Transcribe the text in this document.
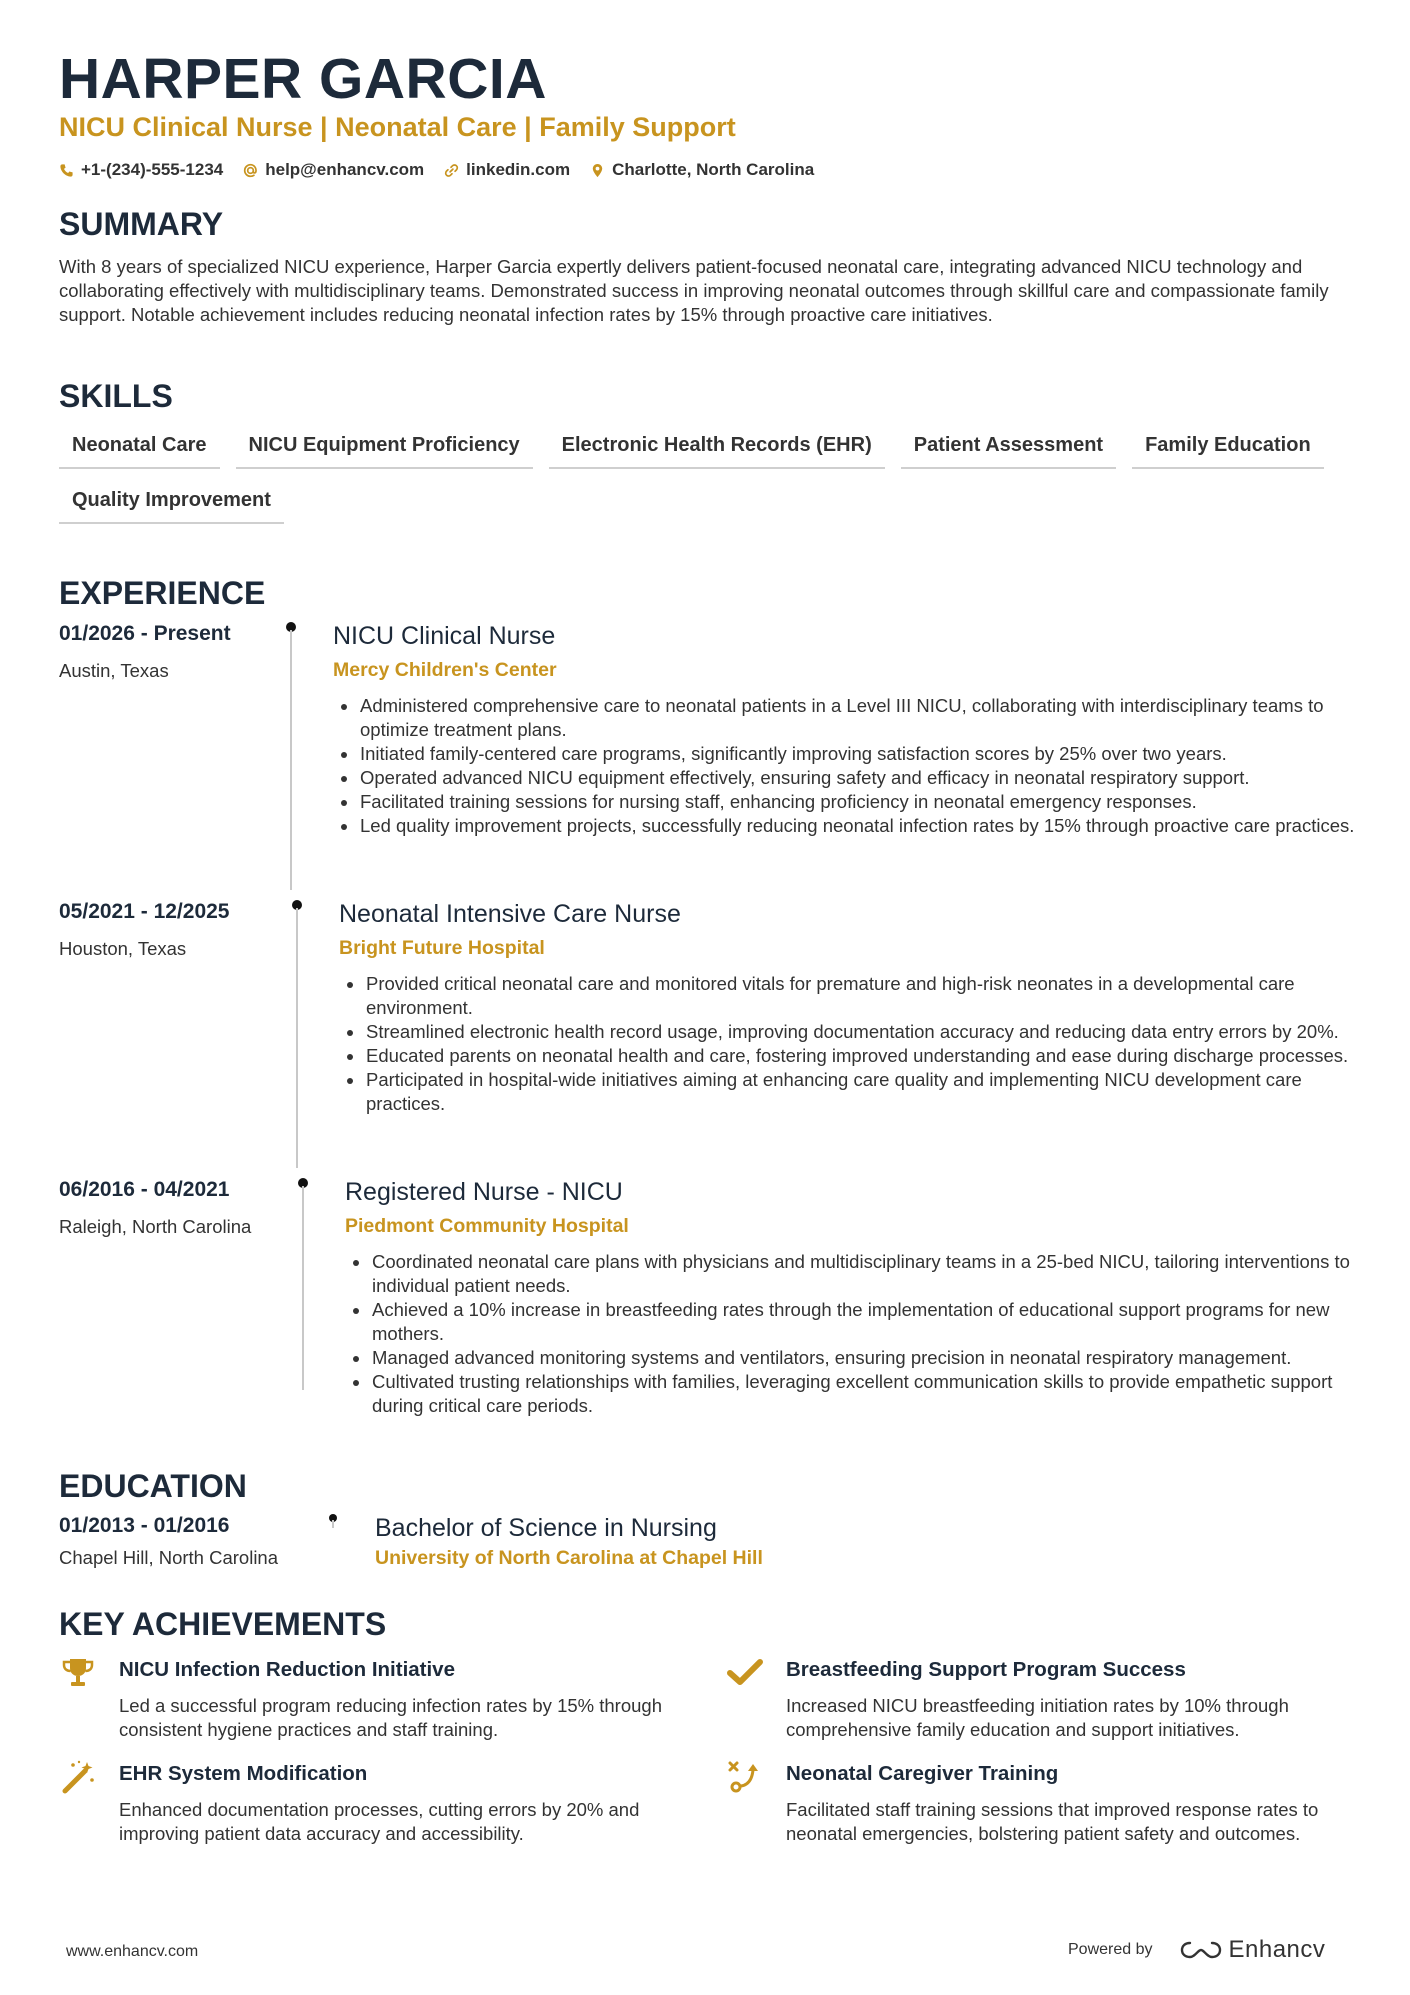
HARPER GARCIA
NICU Clinical Nurse | Neonatal Care | Family Support
+1-(234)-555-1234 help@enhancv.com linkedin.com Charlotte, North Carolina
SUMMARY
With 8 years of specialized NICU experience, Harper Garcia expertly delivers patient-focused neonatal care, integrating advanced NICU technology and collaborating effectively with multidisciplinary teams. Demonstrated success in improving neonatal outcomes through skillful care and compassionate family support. Notable achievement includes reducing neonatal infection rates by 15% through proactive care initiatives.
SKILLS
Neonatal Care	NICU Equipment Proficiency	Electronic Health Records (EHR)	Patient Assessment	Family Education
Quality Improvement
EXPERIENCE
01/2026 - Present
Austin, Texas
NICU Clinical Nurse
Mercy Children's Center
Administered comprehensive care to neonatal patients in a Level III NICU, collaborating with interdisciplinary teams to optimize treatment plans.
Initiated family-centered care programs, significantly improving satisfaction scores by 25% over two years.
Operated advanced NICU equipment effectively, ensuring safety and efficacy in neonatal respiratory support.
Facilitated training sessions for nursing staff, enhancing proficiency in neonatal emergency responses.
Led quality improvement projects, successfully reducing neonatal infection rates by 15% through proactive care practices.
05/2021 - 12/2025
Houston, Texas
Neonatal Intensive Care Nurse
Bright Future Hospital
Provided critical neonatal care and monitored vitals for premature and high-risk neonates in a developmental care environment.
Streamlined electronic health record usage, improving documentation accuracy and reducing data entry errors by 20%.
Educated parents on neonatal health and care, fostering improved understanding and ease during discharge processes.
Participated in hospital-wide initiatives aiming at enhancing care quality and implementing NICU development care practices.
06/2016 - 04/2021
Raleigh, North Carolina
Registered Nurse - NICU
Piedmont Community Hospital
Coordinated neonatal care plans with physicians and multidisciplinary teams in a 25-bed NICU, tailoring interventions to individual patient needs.
Achieved a 10% increase in breastfeeding rates through the implementation of educational support programs for new mothers.
Managed advanced monitoring systems and ventilators, ensuring precision in neonatal respiratory management.
Cultivated trusting relationships with families, leveraging excellent communication skills to provide empathetic support during critical care periods.
EDUCATION
01/2013 - 01/2016
Chapel Hill, North Carolina
Bachelor of Science in Nursing
University of North Carolina at Chapel Hill
KEY ACHIEVEMENTS
NICU Infection Reduction Initiative
Led a successful program reducing infection rates by 15% through consistent hygiene practices and staff training.
Breastfeeding Support Program Success
Increased NICU breastfeeding initiation rates by 10% through comprehensive family education and support initiatives.
EHR System Modification
Enhanced documentation processes, cutting errors by 20% and improving patient data accuracy and accessibility.
Neonatal Caregiver Training
Facilitated staff training sessions that improved response rates to neonatal emergencies, bolstering patient safety and outcomes.
www.enhancv.com	Powered by	Enhancv
